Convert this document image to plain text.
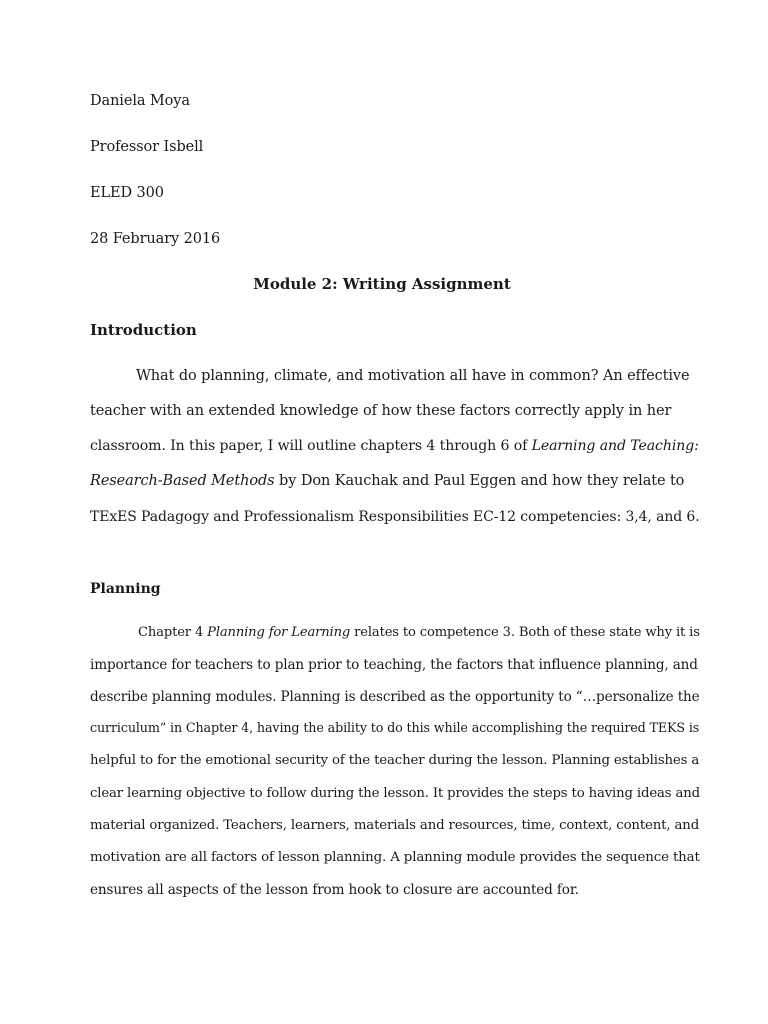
Daniela Moya
Professor Isbell
ELED 300
28 February 2016
Module 2: Writing Assignment
Introduction
What do planning, climate, and motivation all have in common? An effective
teacher with an extended knowledge of how these factors correctly apply in her
classroom. In this paper, I will outline chapters 4 through 6 of Learning and Teaching:
Research-Based Methods by Don Kauchak and Paul Eggen and how they relate to
TExES Padagogy and Professionalism Responsibilities EC-12 competencies: 3,4, and 6.
Planning
Chapter 4 Planning for Learning relates to competence 3. Both of these state why it is
importance for teachers to plan prior to teaching, the factors that influence planning, and
describe planning modules. Planning is described as the opportunity to “…personalize the
curriculum” in Chapter 4, having the ability to do this while accomplishing the required TEKS is
helpful to for the emotional security of the teacher during the lesson. Planning establishes a
clear learning objective to follow during the lesson. It provides the steps to having ideas and
material organized. Teachers, learners, materials and resources, time, context, content, and
motivation are all factors of lesson planning. A planning module provides the sequence that
ensures all aspects of the lesson from hook to closure are accounted for.
